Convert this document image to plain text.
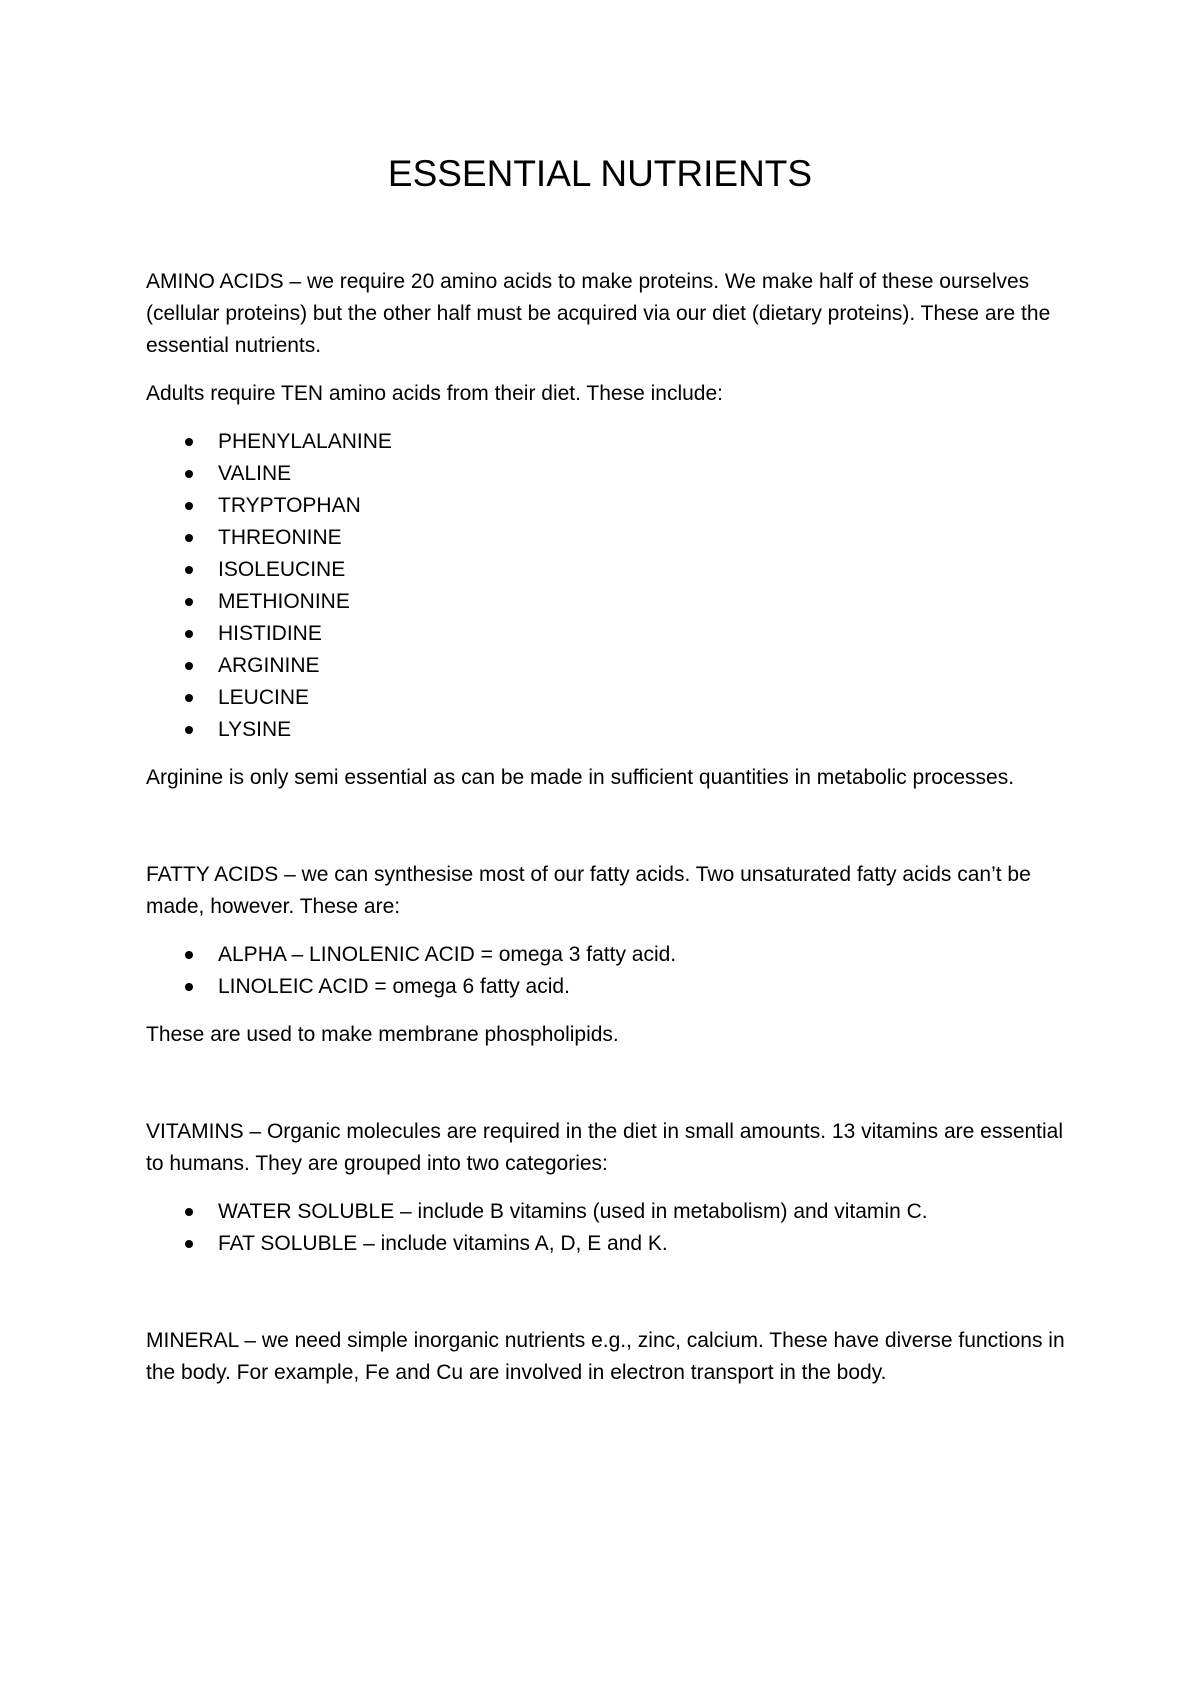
ESSENTIAL NUTRIENTS

AMINO ACIDS – we require 20 amino acids to make proteins. We make half of these ourselves (cellular proteins) but the other half must be acquired via our diet (dietary proteins). These are the essential nutrients.

Adults require TEN amino acids from their diet. These include:

PHENYLALANINE
VALINE
TRYPTOPHAN
THREONINE
ISOLEUCINE
METHIONINE
HISTIDINE
ARGININE
LEUCINE
LYSINE

Arginine is only semi essential as can be made in sufficient quantities in metabolic processes.

FATTY ACIDS – we can synthesise most of our fatty acids. Two unsaturated fatty acids can’t be made, however. These are:

ALPHA – LINOLENIC ACID = omega 3 fatty acid.
LINOLEIC ACID = omega 6 fatty acid.

These are used to make membrane phospholipids.

VITAMINS – Organic molecules are required in the diet in small amounts. 13 vitamins are essential to humans. They are grouped into two categories:

WATER SOLUBLE – include B vitamins (used in metabolism) and vitamin C.
FAT SOLUBLE – include vitamins A, D, E and K.

MINERAL – we need simple inorganic nutrients e.g., zinc, calcium. These have diverse functions in the body. For example, Fe and Cu are involved in electron transport in the body.
